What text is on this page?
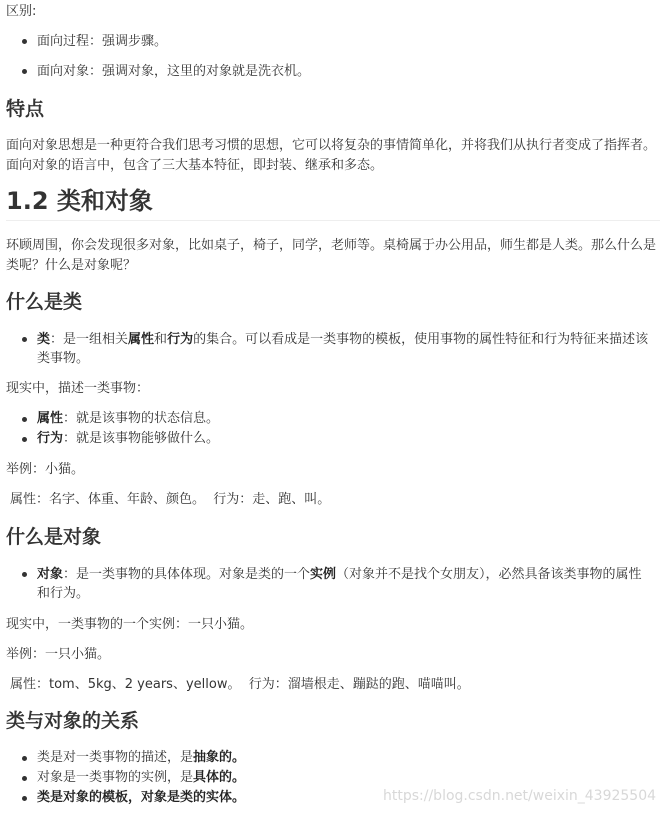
区别:

面向过程：强调步骤。

面向对象：强调对象，这里的对象就是洗衣机。

特点

面向对象思想是一种更符合我们思考习惯的思想，它可以将复杂的事情简单化，并将我们从执行者变成了指挥者。

面向对象的语言中，包含了三大基本特征，即封装、继承和多态。

1.2 类和对象

环顾周围，你会发现很多对象，比如桌子，椅子，同学，老师等。桌椅属于办公用品，师生都是人类。那么什么是

类呢？什么是对象呢？

什么是类

类：是一组相关属性和行为的集合。可以看成是一类事物的模板，使用事物的属性特征和行为特征来描述该

类事物。

现实中，描述一类事物：

属性：就是该事物的状态信息。

行为：就是该事物能够做什么。

举例：小猫。

属性：名字、体重、年龄、颜色。  行为：走、跑、叫。

什么是对象

对象：是一类事物的具体体现。对象是类的一个实例（对象并不是找个女朋友），必然具备该类事物的属性

和行为。

现实中，一类事物的一个实例：一只小猫。

举例：一只小猫。

属性：tom、5kg、2 years、yellow。  行为：溜墙根走、蹦跶的跑、喵喵叫。

类与对象的关系

类是对一类事物的描述，是抽象的。

对象是一类事物的实例，是具体的。

类是对象的模板，对象是类的实体。	https://blog.csdn.net/weixin_43925504
